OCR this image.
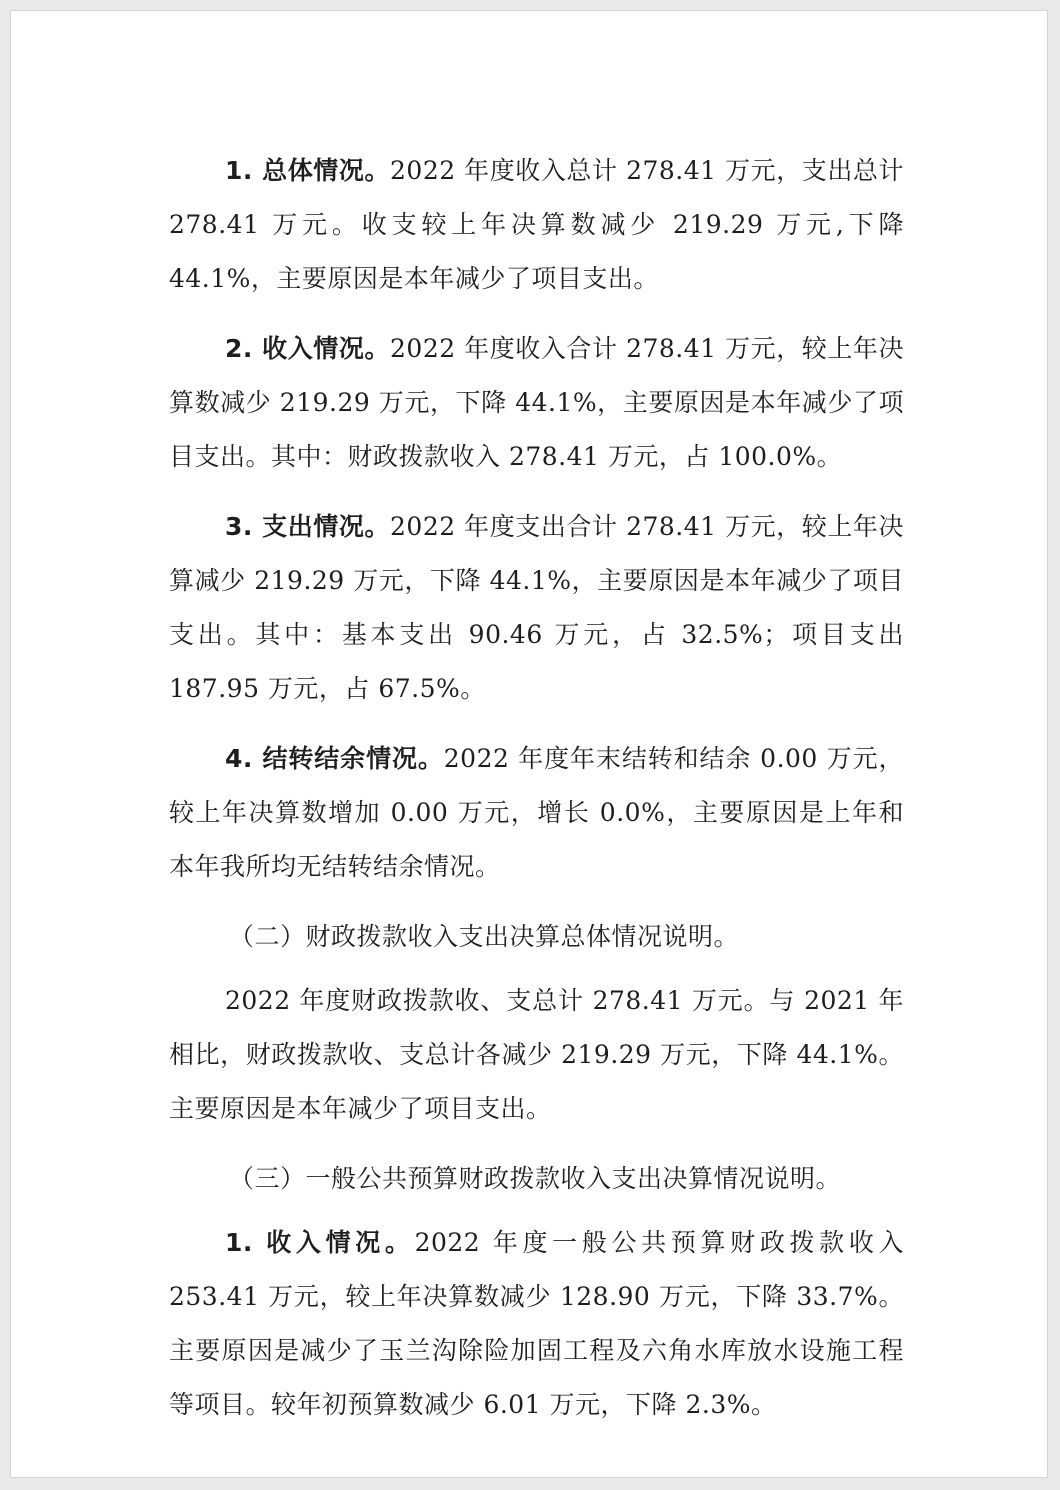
1. 总体情况。2022 年度收入总计 278.41 万元，支出总计 278.41 万元。收支较上年决算数减少 219.29 万元,下降 44.1%，主要原因是本年减少了项目支出。

2. 收入情况。2022 年度收入合计 278.41 万元，较上年决算数减少 219.29 万元，下降 44.1%，主要原因是本年减少了项目支出。其中：财政拨款收入 278.41 万元，占 100.0%。

3. 支出情况。2022 年度支出合计 278.41 万元，较上年决算减少 219.29 万元，下降 44.1%，主要原因是本年减少了项目支出。其中：基本支出 90.46 万元，占 32.5%；项目支出 187.95 万元，占 67.5%。

4. 结转结余情况。2022 年度年末结转和结余 0.00 万元，较上年决算数增加 0.00 万元，增长 0.0%，主要原因是上年和本年我所均无结转结余情况。

（二）财政拨款收入支出决算总体情况说明。

2022 年度财政拨款收、支总计 278.41 万元。与 2021 年相比，财政拨款收、支总计各减少 219.29 万元，下降 44.1%。主要原因是本年减少了项目支出。

（三）一般公共预算财政拨款收入支出决算情况说明。

1. 收入情况。2022 年度一般公共预算财政拨款收入 253.41 万元，较上年决算数减少 128.90 万元，下降 33.7%。主要原因是减少了玉兰沟除险加固工程及六角水库放水设施工程等项目。较年初预算数减少 6.01 万元，下降 2.3%。
